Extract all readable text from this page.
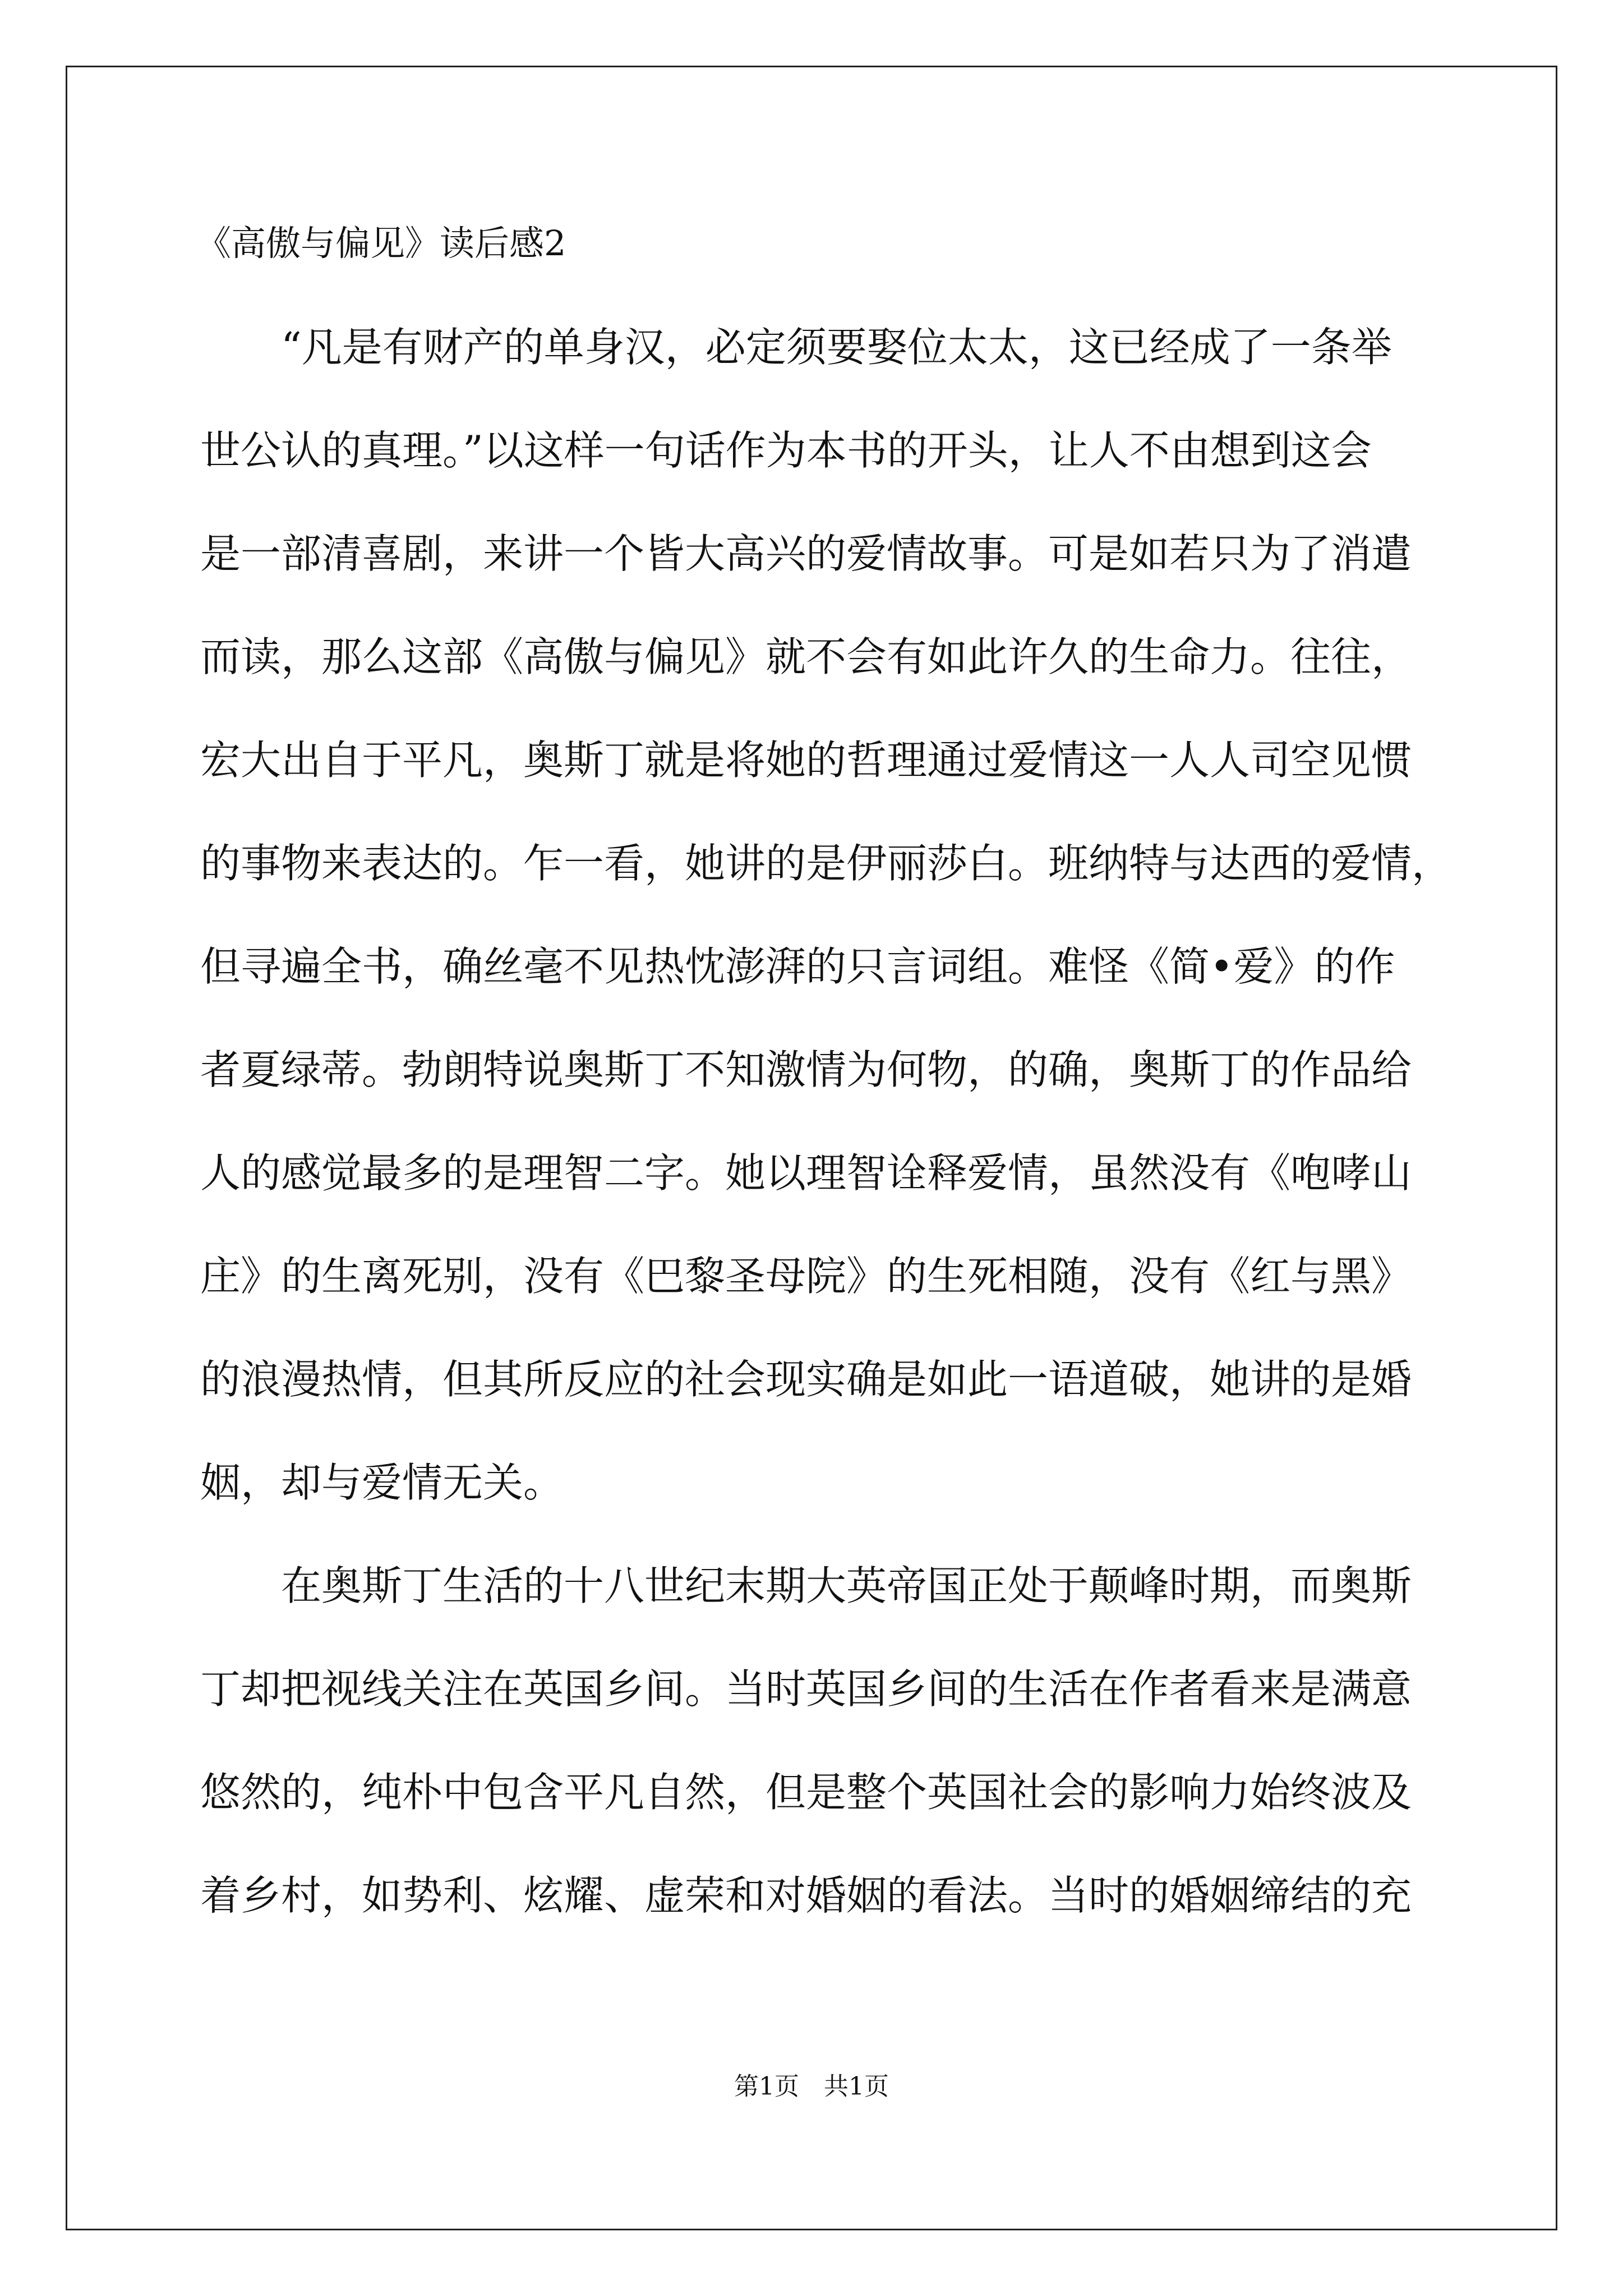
《高傲与偏见》读后感2
　　“凡是有财产的单身汉，必定须要娶位太太，这已经成了一条举
世公认的真理。”以这样一句话作为本书的开头，让人不由想到这会
是一部清喜剧，来讲一个皆大高兴的爱情故事。可是如若只为了消遣
而读，那么这部《高傲与偏见》就不会有如此许久的生命力。往往，
宏大出自于平凡，奥斯丁就是将她的哲理通过爱情这一人人司空见惯
的事物来表达的。乍一看，她讲的是伊丽莎白。班纳特与达西的爱情，
但寻遍全书，确丝毫不见热忱澎湃的只言词组。难怪《简•爱》的作
者夏绿蒂。勃朗特说奥斯丁不知激情为何物，的确，奥斯丁的作品给
人的感觉最多的是理智二字。她以理智诠释爱情，虽然没有《咆哮山
庄》的生离死别，没有《巴黎圣母院》的生死相随，没有《红与黑》
的浪漫热情，但其所反应的社会现实确是如此一语道破，她讲的是婚
姻，却与爱情无关。
　　在奥斯丁生活的十八世纪末期大英帝国正处于颠峰时期，而奥斯
丁却把视线关注在英国乡间。当时英国乡间的生活在作者看来是满意
悠然的，纯朴中包含平凡自然，但是整个英国社会的影响力始终波及
着乡村，如势利、炫耀、虚荣和对婚姻的看法。当时的婚姻缔结的充
第1页 共1页
